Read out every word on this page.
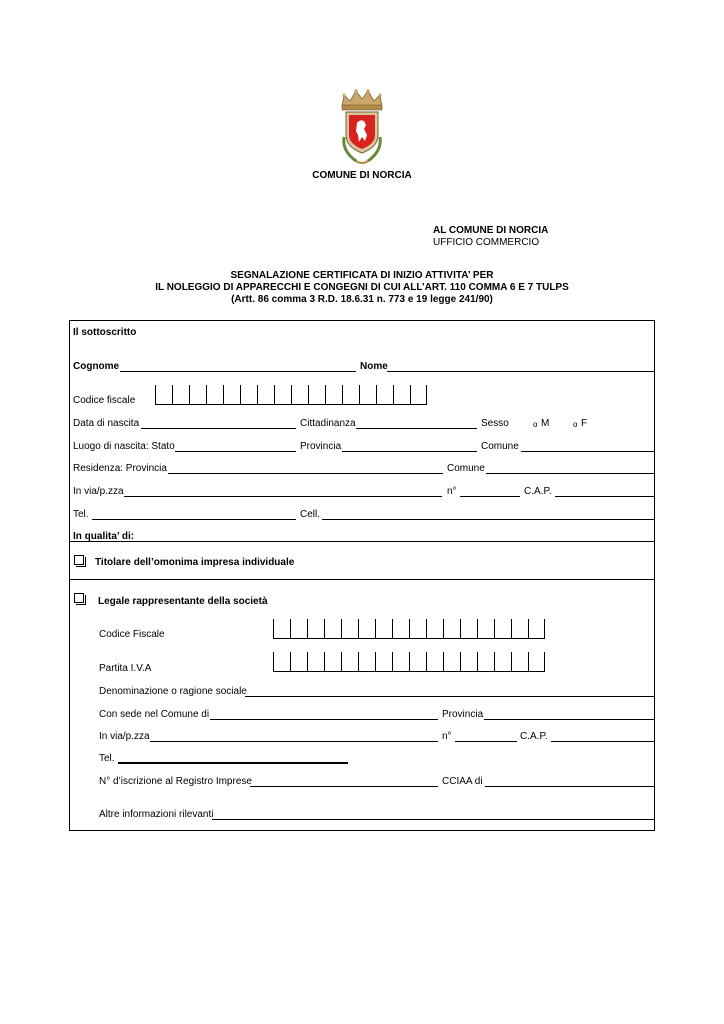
COMUNE DI NORCIA
AL COMUNE DI NORCIA
UFFICIO COMMERCIO
SEGNALAZIONE CERTIFICATA DI INIZIO ATTIVITA’ PER
IL NOLEGGIO DI APPARECCHI E CONGEGNI DI CUI ALL’ART. 110 COMMA 6 E 7 TULPS
(Artt. 86 comma 3 R.D. 18.6.31 n. 773 e 19 legge 241/90)
Il sottoscritto
Cognome	Nome
Codice fiscale
Data di nascita	Cittadinanza	Sesso	o M	o F
Luogo di nascita: Stato	Provincia	Comune
Residenza: Provincia	Comune
In via/p.zza	n°	C.A.P.
Tel.	Cell.
In qualita’ di:
Titolare dell’omonima impresa individuale
Legale rappresentante della società
Codice Fiscale
Partita I.V.A
Denominazione o ragione sociale
Con sede nel Comune di	Provincia
In via/p.zza	n°	C.A.P.
Tel.
N° d’iscrizione al Registro Imprese	CCIAA di
Altre informazioni rilevanti
